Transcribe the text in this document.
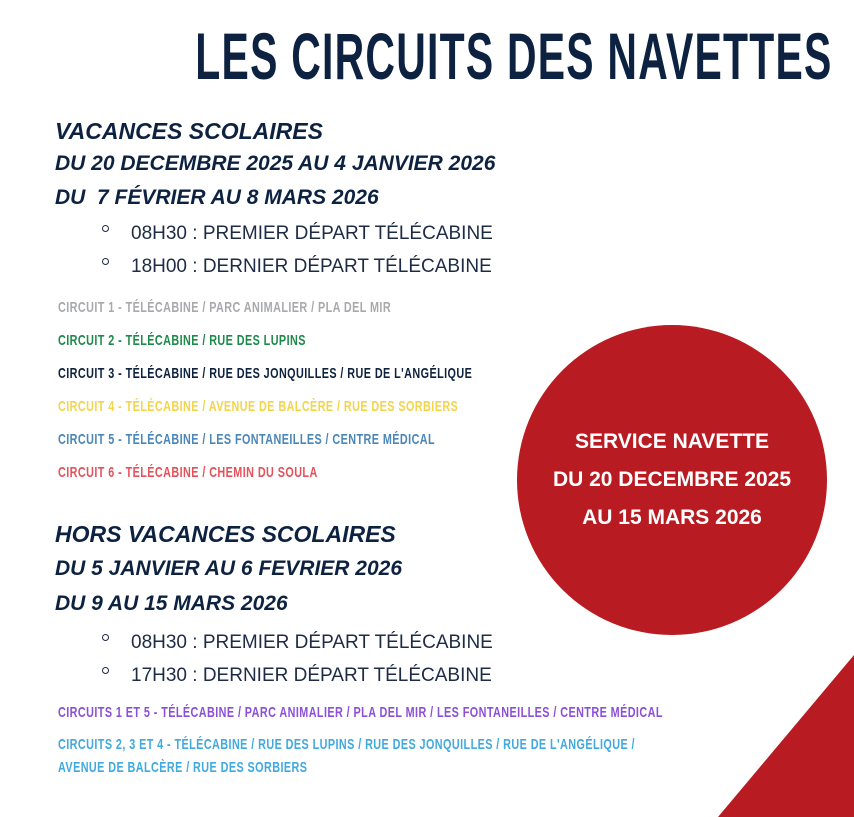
LES CIRCUITS DES NAVETTES
VACANCES SCOLAIRES
DU 20 DECEMBRE 2025 AU 4 JANVIER 2026
DU  7 FÉVRIER AU 8 MARS 2026
08H30 : PREMIER DÉPART TÉLÉCABINE
18H00 : DERNIER DÉPART TÉLÉCABINE
CIRCUIT 1 - TÉLÉCABINE / PARC ANIMALIER / PLA DEL MIR
CIRCUIT 2 - TÉLÉCABINE / RUE DES LUPINS
CIRCUIT 3 - TÉLÉCABINE / RUE DES JONQUILLES / RUE DE L'ANGÉLIQUE
CIRCUIT 4 - TÉLÉCABINE / AVENUE DE BALCÈRE / RUE DES SORBIERS
CIRCUIT 5 - TÉLÉCABINE / LES FONTANEILLES / CENTRE MÉDICAL
CIRCUIT 6 - TÉLÉCABINE / CHEMIN DU SOULA
HORS VACANCES SCOLAIRES
DU 5 JANVIER AU 6 FEVRIER 2026
DU 9 AU 15 MARS 2026
08H30 : PREMIER DÉPART TÉLÉCABINE
17H30 : DERNIER DÉPART TÉLÉCABINE
CIRCUITS 1 ET 5 - TÉLÉCABINE / PARC ANIMALIER / PLA DEL MIR / LES FONTANEILLES / CENTRE MÉDICAL
CIRCUITS 2, 3 ET 4 - TÉLÉCABINE / RUE DES LUPINS / RUE DES JONQUILLES / RUE DE L'ANGÉLIQUE /
AVENUE DE BALCÈRE / RUE DES SORBIERS
SERVICE NAVETTE
DU 20 DECEMBRE 2025
AU 15 MARS 2026
